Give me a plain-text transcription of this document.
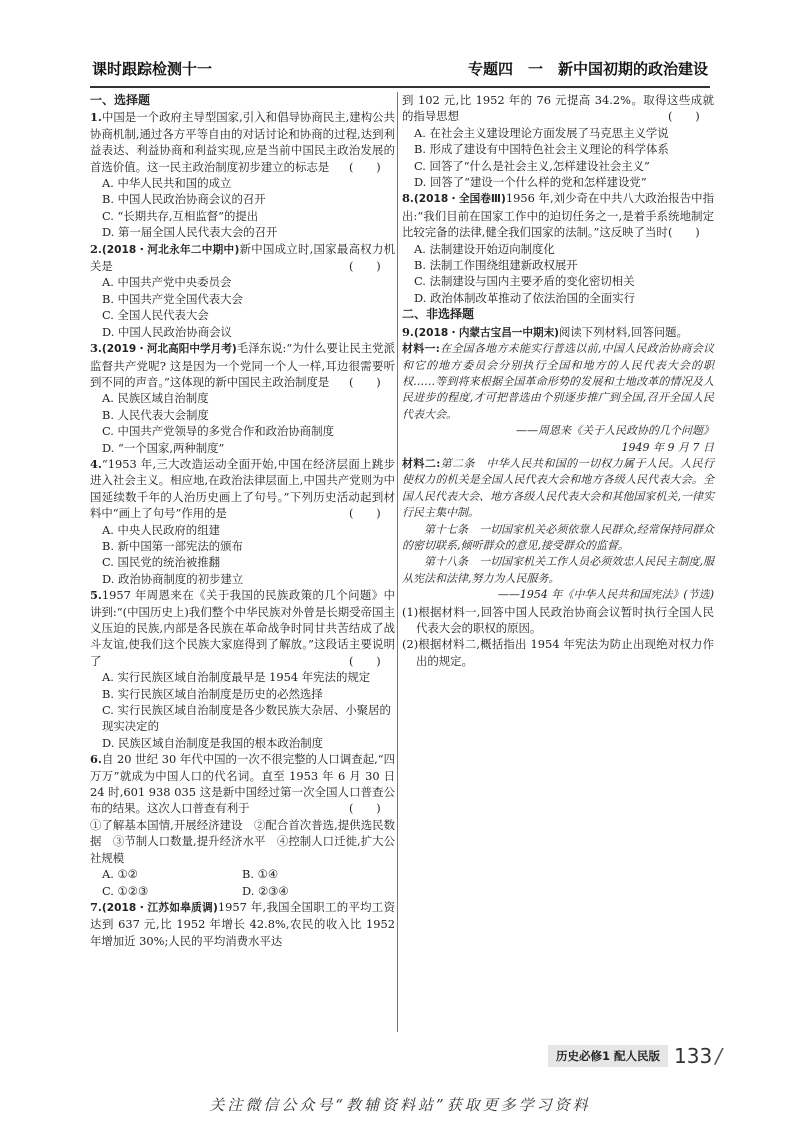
课时跟踪检测十一	专题四　一　新中国初期的政治建设

一、选择题

1.中国是一个政府主导型国家,引入和倡导协商民主,建构公共协商机制,通过各方平等自由的对话讨论和协商的过程,达到利益表达、利益协商和利益实现,应是当前中国民主政治发展的首选价值。这一民主政治制度初步建立的标志是 (　　)

A. 中华人民共和国的成立

B. 中国人民政治协商会议的召开

C. “长期共存,互相监督”的提出

D. 第一届全国人民代表大会的召开

2.(2018・河北永年二中期中)新中国成立时,国家最高权力机关是	(　　)

A. 中国共产党中央委员会

B. 中国共产党全国代表大会

C. 全国人民代表大会

D. 中国人民政治协商会议

3.(2019・河北高阳中学月考)毛泽东说:“为什么要让民主党派监督共产党呢? 这是因为一个党同一个人一样,耳边很需要听到不同的声音。”这体现的新中国民主政治制度是 (　　)

A. 民族区域自治制度

B. 人民代表大会制度

C. 中国共产党领导的多党合作和政治协商制度

D. “一个国家,两种制度”

4.“1953 年,三大改造运动全面开始,中国在经济层面上跳步进入社会主义。相应地,在政治法律层面上,中国共产党则为中国延续数千年的人治历史画上了句号。”下列历史活动起到材料中“画上了句号”作用的是	(　　)

A. 中央人民政府的组建

B. 新中国第一部宪法的颁布

C. 国民党的统治被推翻

D. 政治协商制度的初步建立

5.1957 年周恩来在《关于我国的民族政策的几个问题》中讲到:“(中国历史上)我们整个中华民族对外曾是长期受帝国主义压迫的民族,内部是各民族在革命战争时同甘共苦结成了战斗友谊,使我们这个民族大家庭得到了解放。”这段话主要说明了	(　　)

A. 实行民族区域自治制度最早是 1954 年宪法的规定

B. 实行民族区域自治制度是历史的必然选择

C. 实行民族区域自治制度是各少数民族大杂居、小聚居的现实决定的

D. 民族区域自治制度是我国的根本政治制度

6.自 20 世纪 30 年代中国的一次不很完整的人口调查起,“四万万”就成为中国人口的代名词。直至 1953 年 6 月 30 日 24 时,601 938 035 这是新中国经过第一次全国人口普查公布的结果。这次人口普查有利于	(　　)

①了解基本国情,开展经济建设　②配合首次普选,提供选民数据　③节制人口数量,提升经济水平　④控制人口迁徙,扩大公社规模

A. ①②	B. ①④
C. ①②③	D. ②③④

7.(2018・江苏如皋质调)1957 年,我国全国职工的平均工资达到 637 元,比 1952 年增长 42.8%,农民的收入比 1952 年增加近 30%;人民的平均消费水平达

到 102 元,比 1952 年的 76 元提高 34.2%。取得这些成就的指导思想	(　　)

A. 在社会主义建设理论方面发展了马克思主义学说

B. 形成了建设有中国特色社会主义理论的科学体系

C. 回答了“什么是社会主义,怎样建设社会主义”

D. 回答了“建设一个什么样的党和怎样建设党”

8.(2018・全国卷Ⅲ)1956 年,刘少奇在中共八大政治报告中指出:“我们目前在国家工作中的迫切任务之一,是着手系统地制定比较完备的法律,健全我们国家的法制。”这反映了当时 (　　)

A. 法制建设开始迈向制度化

B. 法制工作围绕组建新政权展开

C. 法制建设与国内主要矛盾的变化密切相关

D. 政治体制改革推动了依法治国的全面实行

二、非选择题

9.(2018・内蒙古宝昌一中期末)阅读下列材料,回答问题。

材料一:在全国各地方未能实行普选以前,中国人民政治协商会议和它的地方委员会分别执行全国和地方的人民代表大会的职权……等到将来根据全国革命形势的发展和土地改革的情况及人民进步的程度,才可把普选由个别逐步推广到全国,召开全国人民代表大会。

——周恩来《关于人民政协的几个问题》

1949 年 9 月 7 日

材料二:第二条　中华人民共和国的一切权力属于人民。人民行使权力的机关是全国人民代表大会和地方各级人民代表大会。全国人民代表大会、地方各级人民代表大会和其他国家机关,一律实行民主集中制。

第十七条　一切国家机关必须依靠人民群众,经常保持同群众的密切联系,倾听群众的意见,接受群众的监督。

第十八条　一切国家机关工作人员必须效忠人民民主制度,服从宪法和法律,努力为人民服务。

——1954 年《中华人民共和国宪法》(节选)

(1)根据材料一,回答中国人民政治协商会议暂时执行全国人民代表大会的职权的原因。

(2)根据材料二,概括指出 1954 年宪法为防止出现绝对权力作出的规定。

历史必修1 配人民版 133 /
关注微信公众号“教辅资料站”获取更多学习资料
